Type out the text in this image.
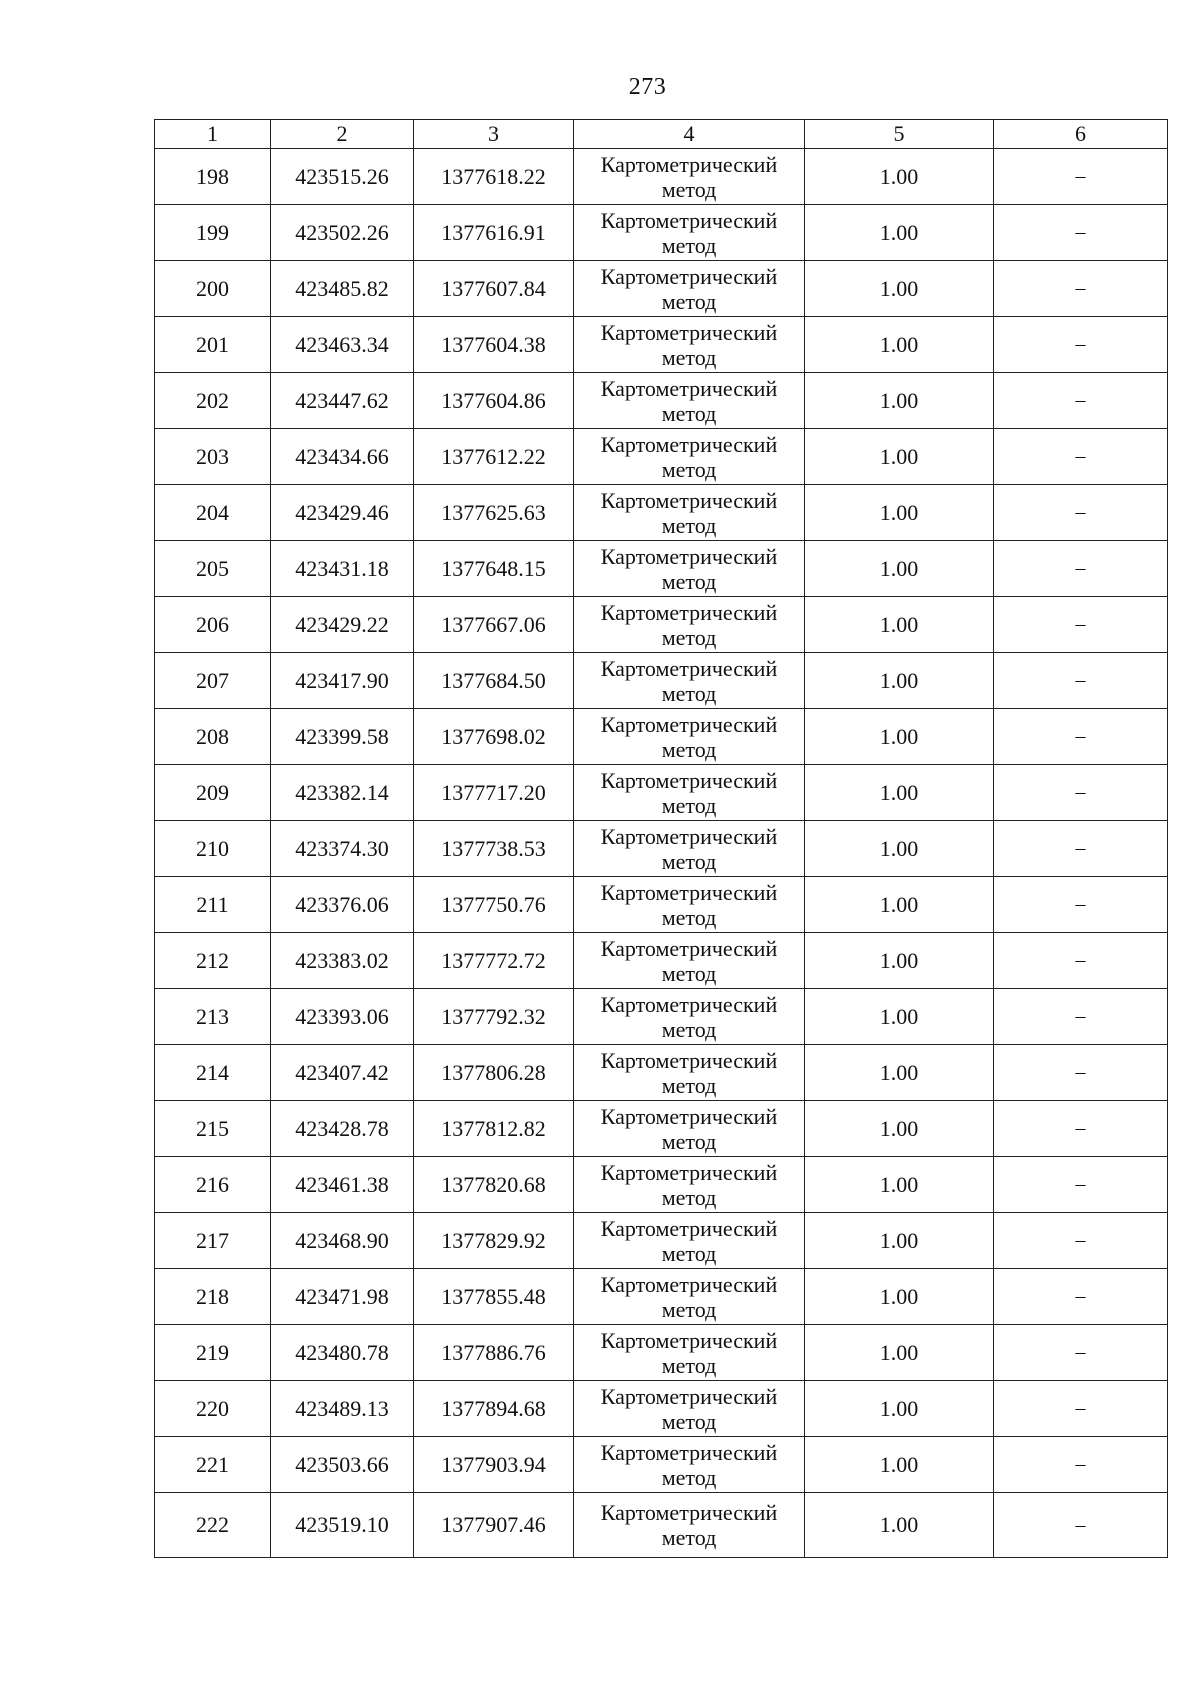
273
1	2	3	4	5	6
198	423515.26	1377618.22	Картометрический метод	1.00	–
199	423502.26	1377616.91	Картометрический метод	1.00	–
200	423485.82	1377607.84	Картометрический метод	1.00	–
201	423463.34	1377604.38	Картометрический метод	1.00	–
202	423447.62	1377604.86	Картометрический метод	1.00	–
203	423434.66	1377612.22	Картометрический метод	1.00	–
204	423429.46	1377625.63	Картометрический метод	1.00	–
205	423431.18	1377648.15	Картометрический метод	1.00	–
206	423429.22	1377667.06	Картометрический метод	1.00	–
207	423417.90	1377684.50	Картометрический метод	1.00	–
208	423399.58	1377698.02	Картометрический метод	1.00	–
209	423382.14	1377717.20	Картометрический метод	1.00	–
210	423374.30	1377738.53	Картометрический метод	1.00	–
211	423376.06	1377750.76	Картометрический метод	1.00	–
212	423383.02	1377772.72	Картометрический метод	1.00	–
213	423393.06	1377792.32	Картометрический метод	1.00	–
214	423407.42	1377806.28	Картометрический метод	1.00	–
215	423428.78	1377812.82	Картометрический метод	1.00	–
216	423461.38	1377820.68	Картометрический метод	1.00	–
217	423468.90	1377829.92	Картометрический метод	1.00	–
218	423471.98	1377855.48	Картометрический метод	1.00	–
219	423480.78	1377886.76	Картометрический метод	1.00	–
220	423489.13	1377894.68	Картометрический метод	1.00	–
221	423503.66	1377903.94	Картометрический метод	1.00	–
222	423519.10	1377907.46	Картометрический метод	1.00	–
